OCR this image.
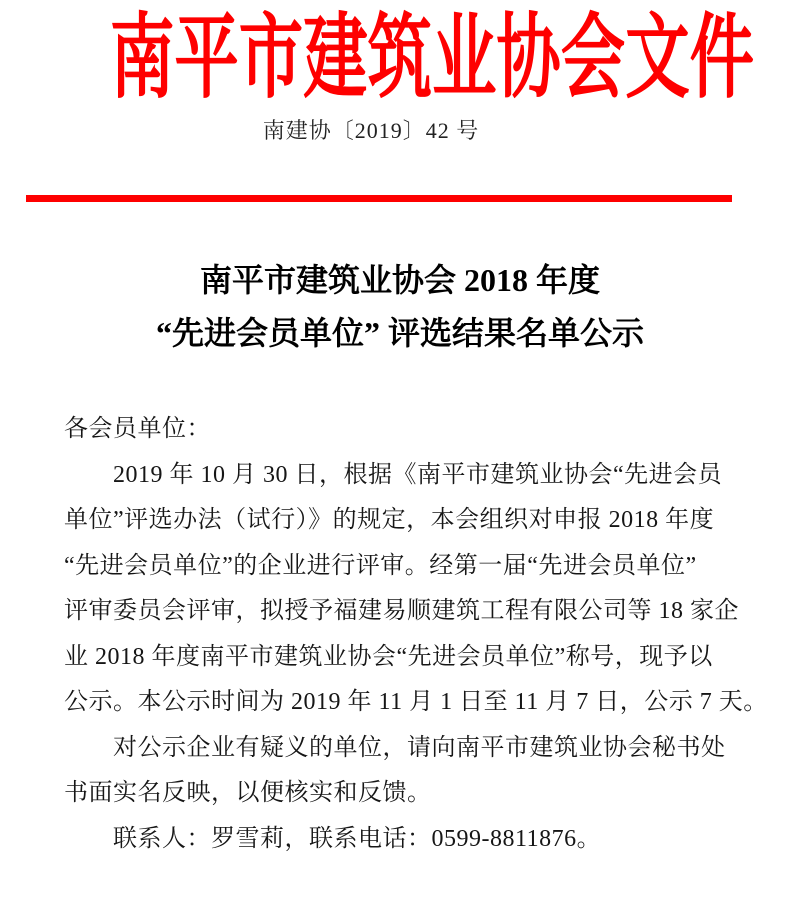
南平市建筑业协会文件
南建协〔2019〕42 号
南平市建筑业协会 2018 年度
“先进会员单位” 评选结果名单公示
各会员单位：
　　2019 年 10 月 30 日，根据《南平市建筑业协会“先进会员
单位”评选办法（试行）》的规定，本会组织对申报 2018 年度
“先进会员单位”的企业进行评审。经第一届“先进会员单位”
评审委员会评审，拟授予福建易顺建筑工程有限公司等 18 家企
业 2018 年度南平市建筑业协会“先进会员单位”称号，现予以
公示。本公示时间为 2019 年 11 月 1 日至 11 月 7 日，公示 7 天。
　　对公示企业有疑义的单位，请向南平市建筑业协会秘书处
书面实名反映，以便核实和反馈。
　　联系人：罗雪莉，联系电话：0599-8811876。
